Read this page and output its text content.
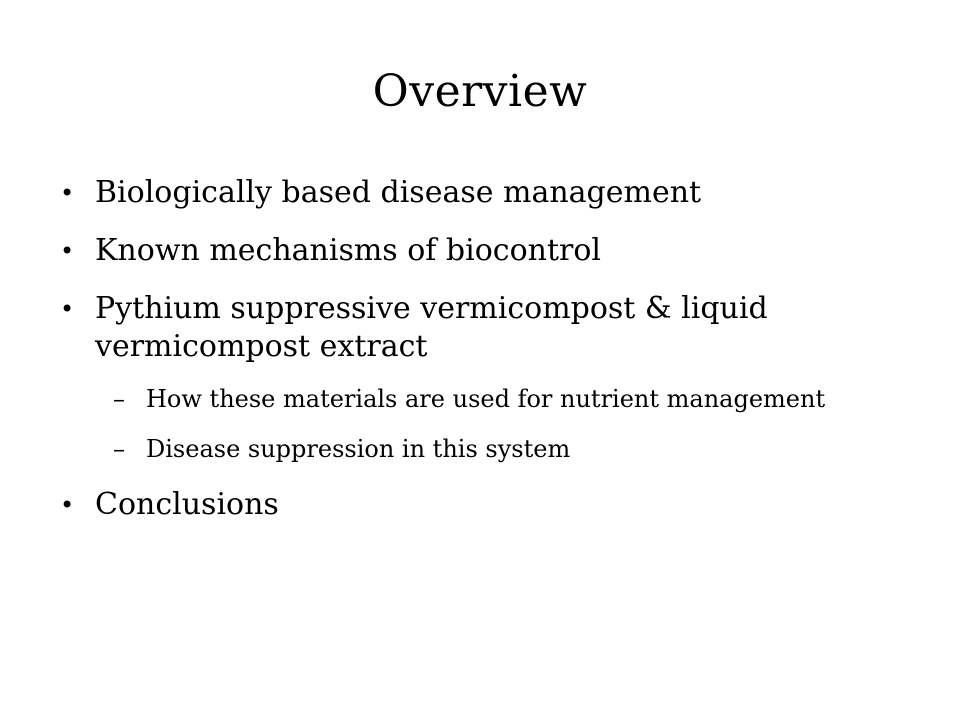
Overview
• Biologically based disease management
• Known mechanisms of biocontrol
• Pythium suppressive vermicompost & liquid vermicompost extract
– How these materials are used for nutrient management
– Disease suppression in this system
• Conclusions
